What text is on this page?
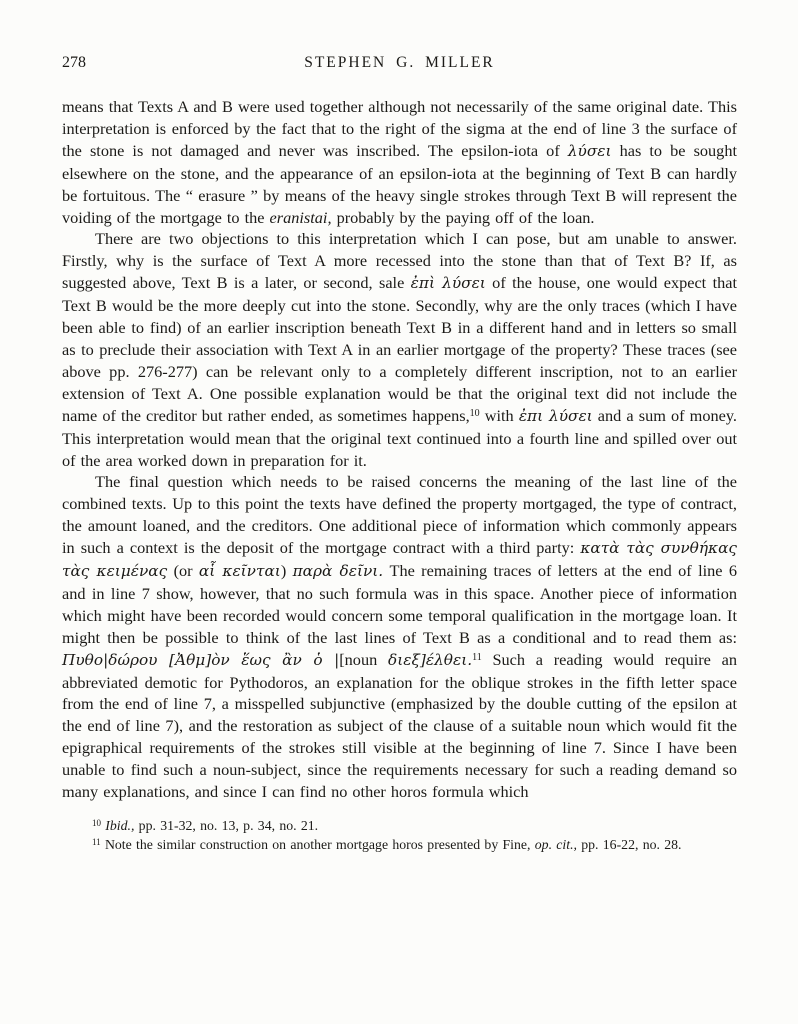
278	STEPHEN G. MILLER

means that Texts A and B were used together although not necessarily of the same original date. This interpretation is enforced by the fact that to the right of the sigma at the end of line 3 the surface of the stone is not damaged and never was inscribed. The epsilon-iota of λύσει has to be sought elsewhere on the stone, and the appearance of an epsilon-iota at the beginning of Text B can hardly be fortuitous. The “ erasure ” by means of the heavy single strokes through Text B will represent the voiding of the mortgage to the eranistai, probably by the paying off of the loan.

There are two objections to this interpretation which I can pose, but am unable to answer. Firstly, why is the surface of Text A more recessed into the stone than that of Text B? If, as suggested above, Text B is a later, or second, sale ἐπὶ λύσει of the house, one would expect that Text B would be the more deeply cut into the stone. Secondly, why are the only traces (which I have been able to find) of an earlier inscription beneath Text B in a different hand and in letters so small as to preclude their association with Text A in an earlier mortgage of the property? These traces (see above pp. 276-277) can be relevant only to a completely different inscription, not to an earlier extension of Text A. One possible explanation would be that the original text did not include the name of the creditor but rather ended, as sometimes happens,$^{10}$ with ἐπι λύσει and a sum of money. This interpretation would mean that the original text continued into a fourth line and spilled over out of the area worked down in preparation for it.

The final question which needs to be raised concerns the meaning of the last line of the combined texts. Up to this point the texts have defined the property mortgaged, the type of contract, the amount loaned, and the creditors. One additional piece of information which commonly appears in such a context is the deposit of the mortgage contract with a third party: κατὰ τὰς συνθήκας τὰς κειμένας (or αἷ κεῖνται) παρὰ δεῖνι. The remaining traces of letters at the end of line 6 and in line 7 show, however, that no such formula was in this space. Another piece of information which might have been recorded would concern some temporal qualification in the mortgage loan. It might then be possible to think of the last lines of Text B as a conditional and to read them as: Πυθο|δώρου [Ἀθμ]ὸν ἕως ἂν ὁ |[noun διεξ]έλθει.$^{11}$ Such a reading would require an abbreviated demotic for Pythodoros, an explanation for the oblique strokes in the fifth letter space from the end of line 7, a misspelled subjunctive (emphasized by the double cutting of the epsilon at the end of line 7), and the restoration as subject of the clause of a suitable noun which would fit the epigraphical requirements of the strokes still visible at the beginning of line 7. Since I have been unable to find such a noun-subject, since the requirements necessary for such a reading demand so many explanations, and since I can find no other horos formula which

$^{10}$ Ibid., pp. 31-32, no. 13, p. 34, no. 21.

$^{11}$ Note the similar construction on another mortgage horos presented by Fine, op. cit., pp. 16-22, no. 28.
